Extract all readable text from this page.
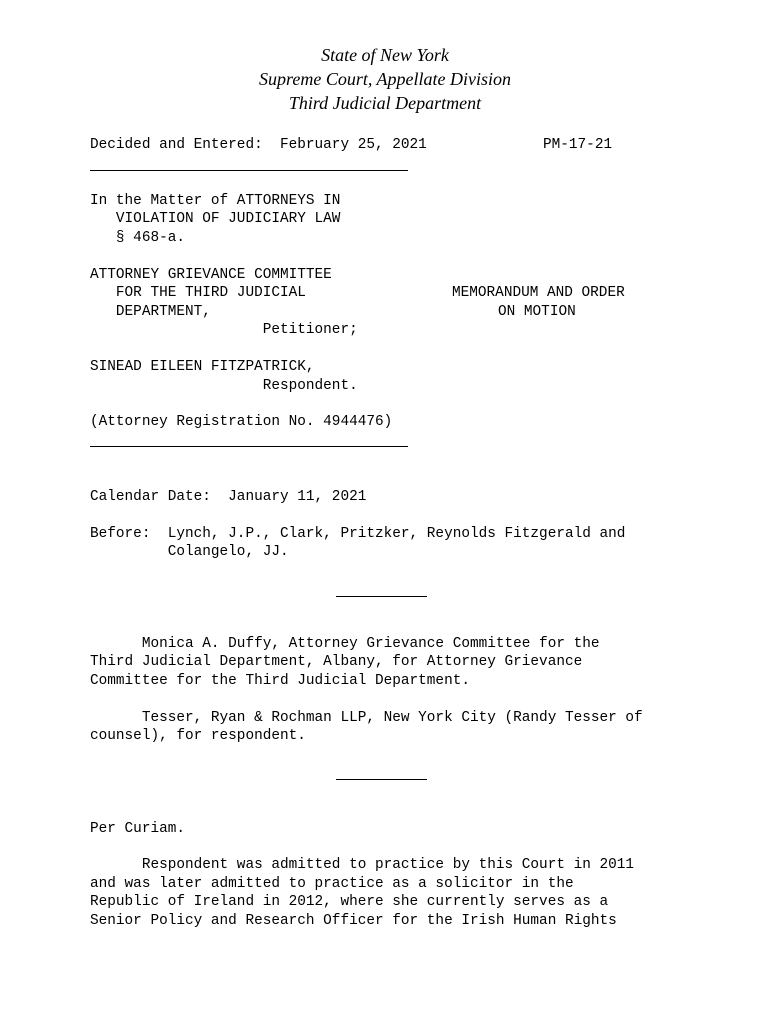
State of New York
Supreme Court, Appellate Division
Third Judicial Department
Decided and Entered:  February 25, 2021	PM-17-21
In the Matter of ATTORNEYS IN
VIOLATION OF JUDICIARY LAW
§ 468-a.
ATTORNEY GRIEVANCE COMMITTEE
FOR THE THIRD JUDICIAL
DEPARTMENT,
Petitioner;
MEMORANDUM AND ORDER
ON MOTION
SINEAD EILEEN FITZPATRICK,
Respondent.
(Attorney Registration No. 4944476)
Calendar Date:  January 11, 2021
Before:  Lynch, J.P., Clark, Pritzker, Reynolds Fitzgerald and
Colangelo, JJ.
Monica A. Duffy, Attorney Grievance Committee for the
Third Judicial Department, Albany, for Attorney Grievance
Committee for the Third Judicial Department.
Tesser, Ryan & Rochman LLP, New York City (Randy Tesser of
counsel), for respondent.
Per Curiam.
Respondent was admitted to practice by this Court in 2011
and was later admitted to practice as a solicitor in the
Republic of Ireland in 2012, where she currently serves as a
Senior Policy and Research Officer for the Irish Human Rights
